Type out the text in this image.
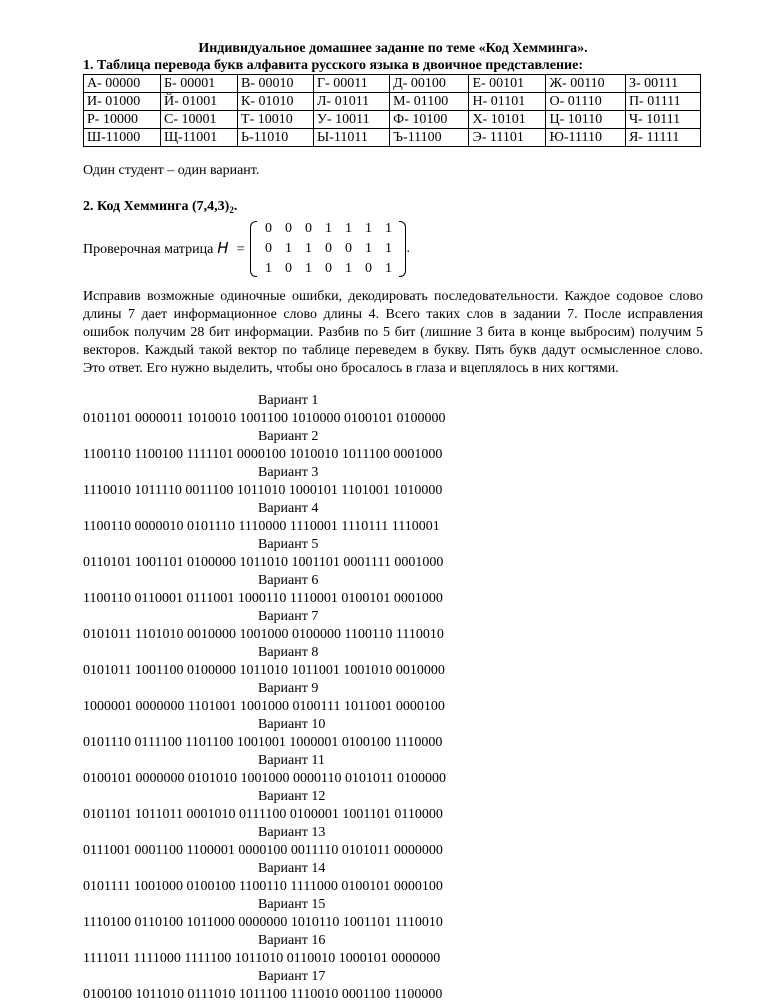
Индивидуальное домашнее задание по теме «Код Хемминга».

1. Таблица перевода букв алфавита русского языка в двоичное представление:

А- 00000	Б- 00001	В- 00010	Г- 00011	Д- 00100	Е- 00101	Ж- 00110	З- 00111
И- 01000	Й- 01001	К- 01010	Л- 01011	М- 01100	Н- 01101	О- 01110	П- 01111
Р- 10000	С- 10001	Т- 10010	У- 10011	Ф- 10100	Х- 10101	Ц- 10110	Ч- 10111
Ш-11000	Щ-11001	Ь-11010	Ы-11011	Ъ-11100	Э- 11101	Ю-11110	Я- 11111

Один студент – один вариант.

2. Код Хемминга $(7,4,3)_2$.

Проверочная матрица H =
0 0 0 1 1 1 1
0 1 1 0 0 1 1
1 0 1 0 1 0 1
.

Исправив возможные одиночные ошибки, декодировать последовательности. Каждое содовое слово длины 7 дает информационное слово длины 4. Всего таких слов в задании 7. После исправления ошибок получим 28 бит информации. Разбив по 5 бит (лишние 3 бита в конце выбросим) получим 5 векторов. Каждый такой вектор по таблице переведем в букву. Пять букв дадут осмысленное слово. Это ответ. Его нужно выделить, чтобы оно бросалось в глаза и вцеплялось в них когтями.

Вариант 1
0101101 0000011 1010010 1001100 1010000 0100101 0100000
Вариант 2
1100110 1100100 1111101 0000100 1010010 1011100 0001000
Вариант 3
1110010 1011110 0011100 1011010 1000101 1101001 1010000
Вариант 4
1100110 0000010 0101110 1110000 1110001 1110111 1110001
Вариант 5
0110101 1001101 0100000 1011010 1001101 0001111 0001000
Вариант 6
1100110 0110001 0111001 1000110 1110001 0100101 0001000
Вариант 7
0101011 1101010 0010000 1001000 0100000 1100110 1110010
Вариант 8
0101011 1001100 0100000 1011010 1011001 1001010 0010000
Вариант 9
1000001 0000000 1101001 1001000 0100111 1011001 0000100
Вариант 10
0101110 0111100 1101100 1001001 1000001 0100100 1110000
Вариант 11
0100101 0000000 0101010 1001000 0000110 0101011 0100000
Вариант 12
0101101 1011011 0001010 0111100 0100001 1001101 0110000
Вариант 13
0111001 0001100 1100001 0000100 0011110 0101011 0000000
Вариант 14
0101111 1001000 0100100 1100110 1111000 0100101 0000100
Вариант 15
1110100 0110100 1011000 0000000 1010110 1001101 1110010
Вариант 16
1111011 1111000 1111100 1011010 0110010 1000101 0000000
Вариант 17
0100100 1011010 0111010 1011100 1110010 0001100 1100000
